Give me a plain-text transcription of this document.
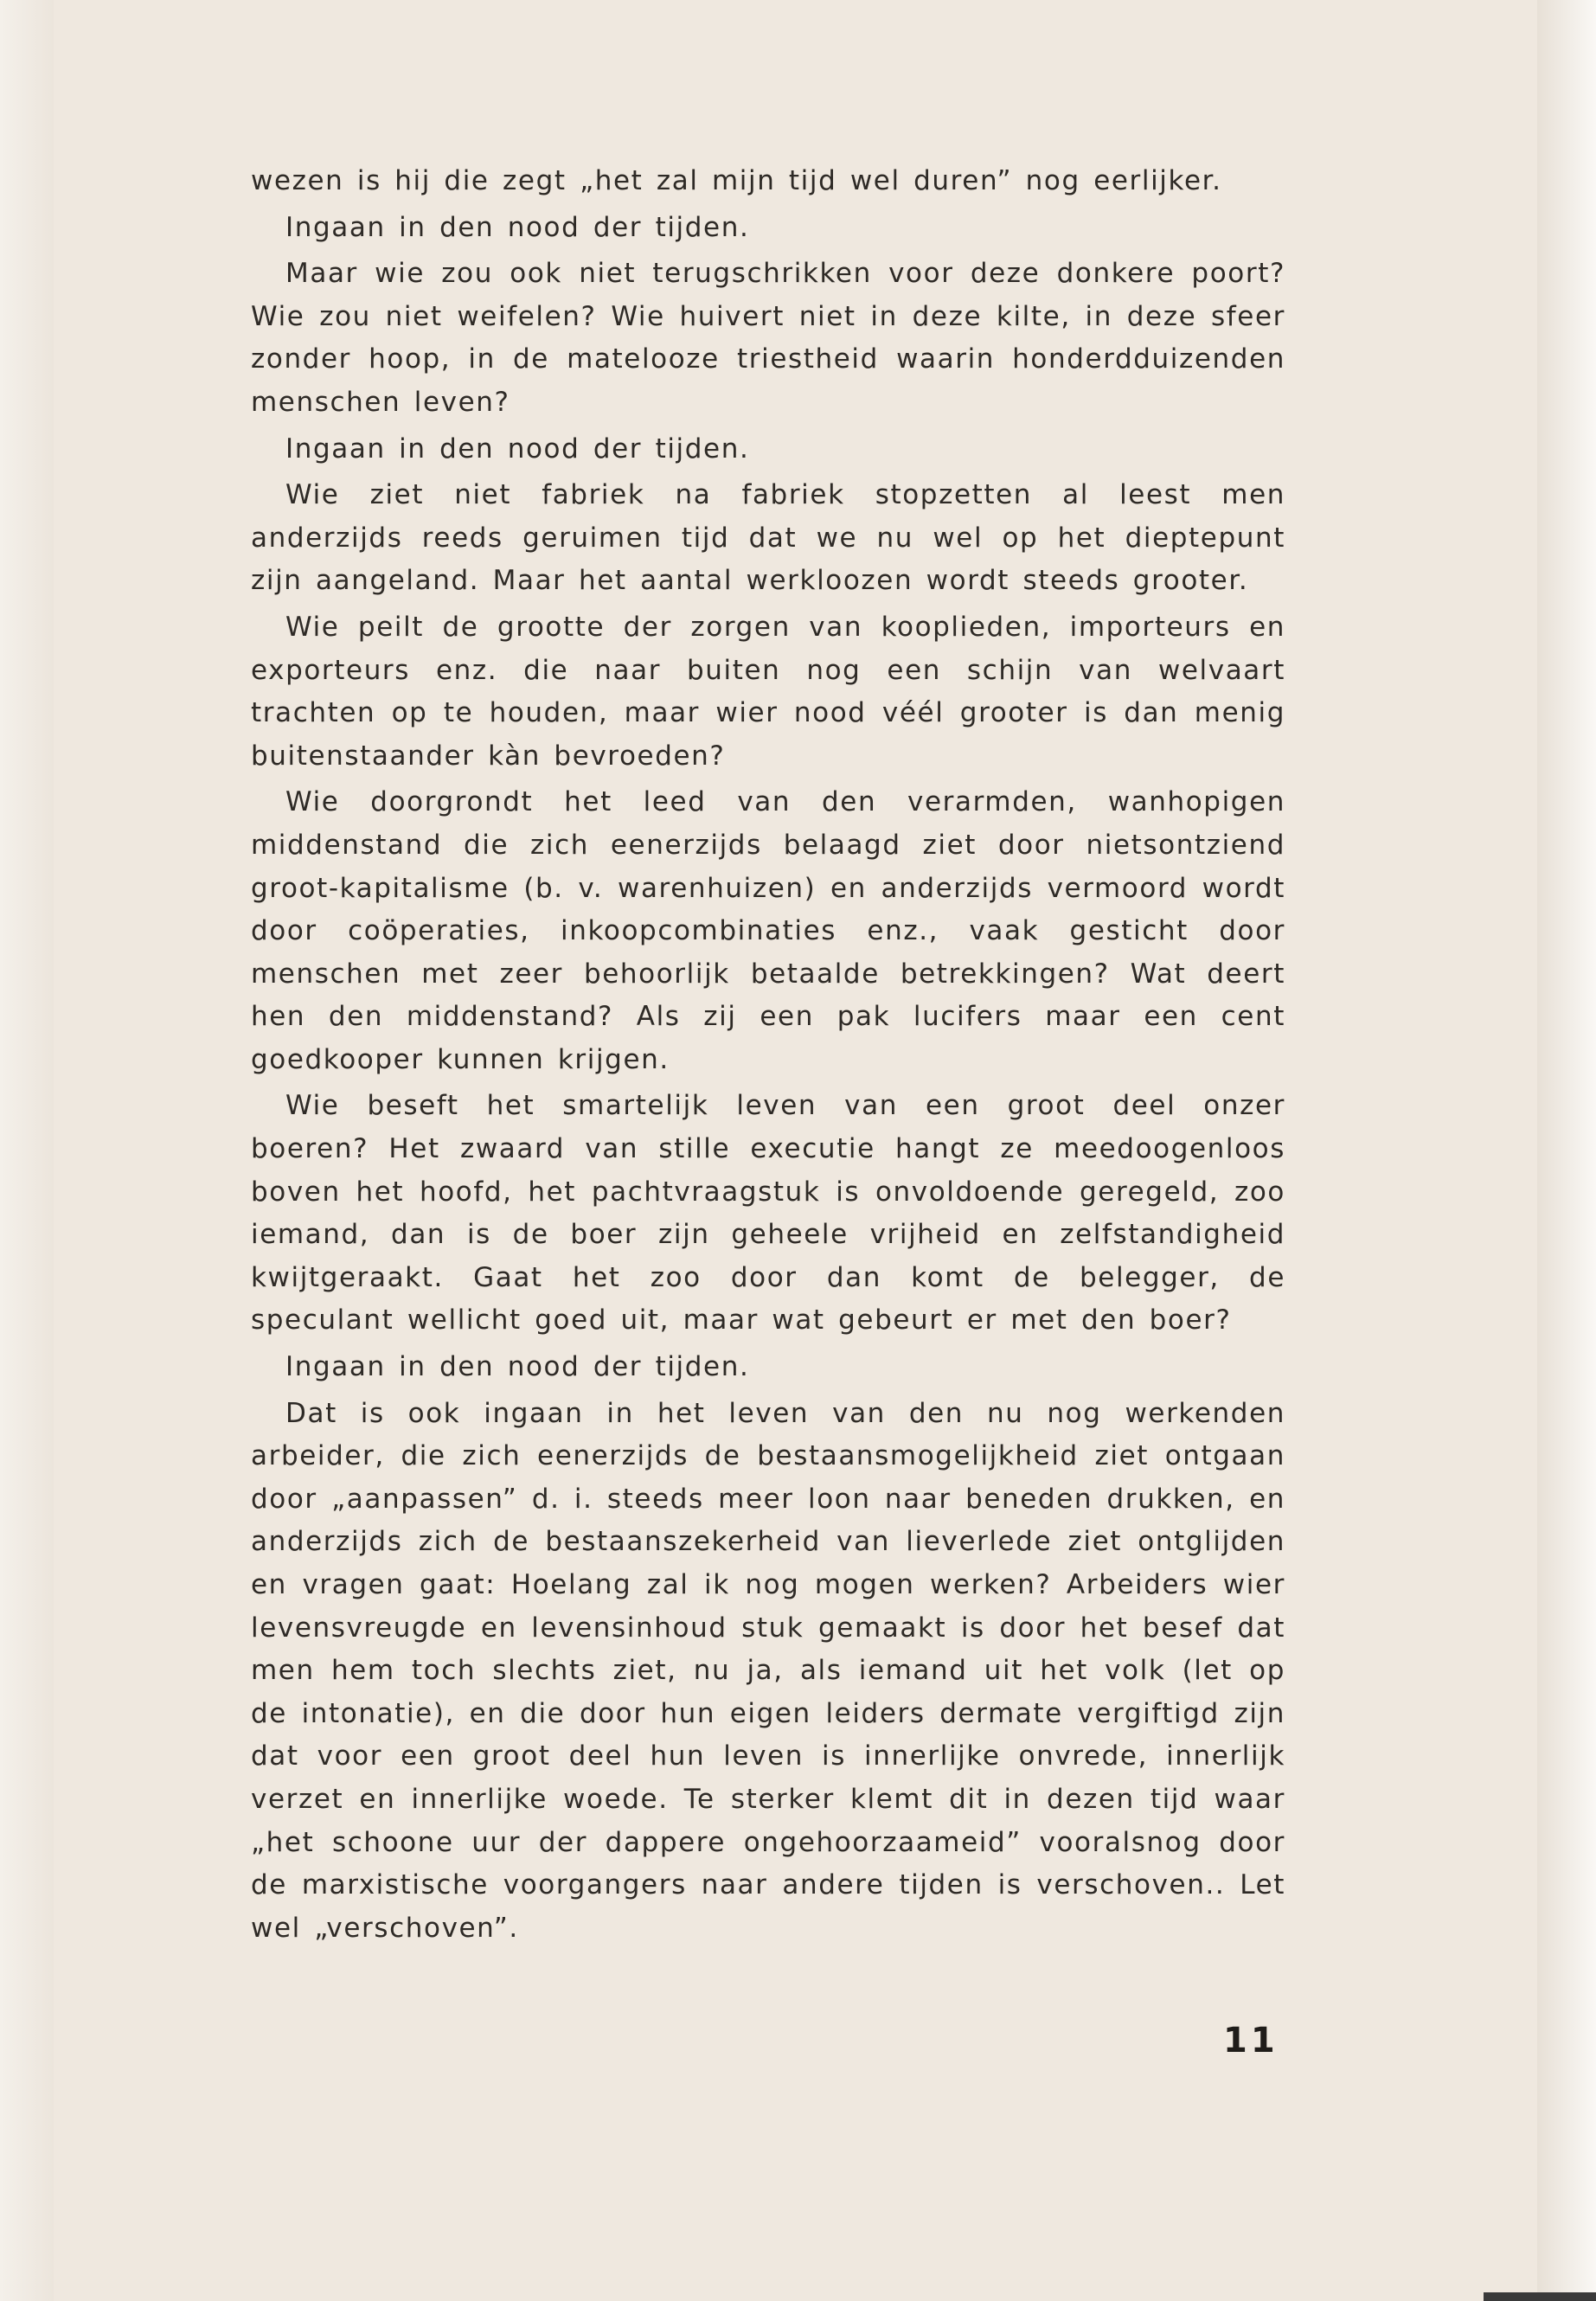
wezen is hij die zegt „het zal mijn tijd wel duren” nog eerlijker.

Ingaan in den nood der tijden.

Maar wie zou ook niet terugschrikken voor deze donkere poort? Wie zou niet weifelen? Wie huivert niet in deze kilte, in deze sfeer zonder hoop, in de matelooze triestheid waarin honderdduizenden menschen leven?

Ingaan in den nood der tijden.

Wie ziet niet fabriek na fabriek stopzetten al leest men anderzijds reeds geruimen tijd dat we nu wel op het dieptepunt zijn aangeland. Maar het aantal werkloozen wordt steeds grooter.

Wie peilt de grootte der zorgen van kooplieden, importeurs en exporteurs enz. die naar buiten nog een schijn van welvaart trachten op te houden, maar wier nood véél grooter is dan menig buitenstaander kàn bevroeden?

Wie doorgrondt het leed van den verarmden, wanhopigen middenstand die zich eenerzijds belaagd ziet door nietsontziend groot-kapitalisme (b. v. warenhuizen) en anderzijds vermoord wordt door coöperaties, inkoopcombinaties enz., vaak gesticht door menschen met zeer behoorlijk betaalde betrekkingen? Wat deert hen den middenstand? Als zij een pak lucifers maar een cent goedkooper kunnen krijgen.

Wie beseft het smartelijk leven van een groot deel onzer boeren? Het zwaard van stille executie hangt ze meedoogenloos boven het hoofd, het pachtvraagstuk is onvoldoende geregeld, zoo iemand, dan is de boer zijn geheele vrijheid en zelfstandigheid kwijtgeraakt. Gaat het zoo door dan komt de belegger, de speculant wellicht goed uit, maar wat gebeurt er met den boer?

Ingaan in den nood der tijden.

Dat is ook ingaan in het leven van den nu nog werkenden arbeider, die zich eenerzijds de bestaansmogelijkheid ziet ontgaan door „aanpassen” d. i. steeds meer loon naar beneden drukken, en anderzijds zich de bestaanszekerheid van lieverlede ziet ontglijden en vragen gaat: Hoelang zal ik nog mogen werken? Arbeiders wier levensvreugde en levensinhoud stuk gemaakt is door het besef dat men hem toch slechts ziet, nu ja, als iemand uit het volk (let op de intonatie), en die door hun eigen leiders dermate vergiftigd zijn dat voor een groot deel hun leven is innerlijke onvrede, innerlijk verzet en innerlijke woede. Te sterker klemt dit in dezen tijd waar „het schoone uur der dappere ongehoorzaameid” vooralsnog door de marxistische voorgangers naar andere tijden is verschoven.. Let wel „verschoven”.

11
